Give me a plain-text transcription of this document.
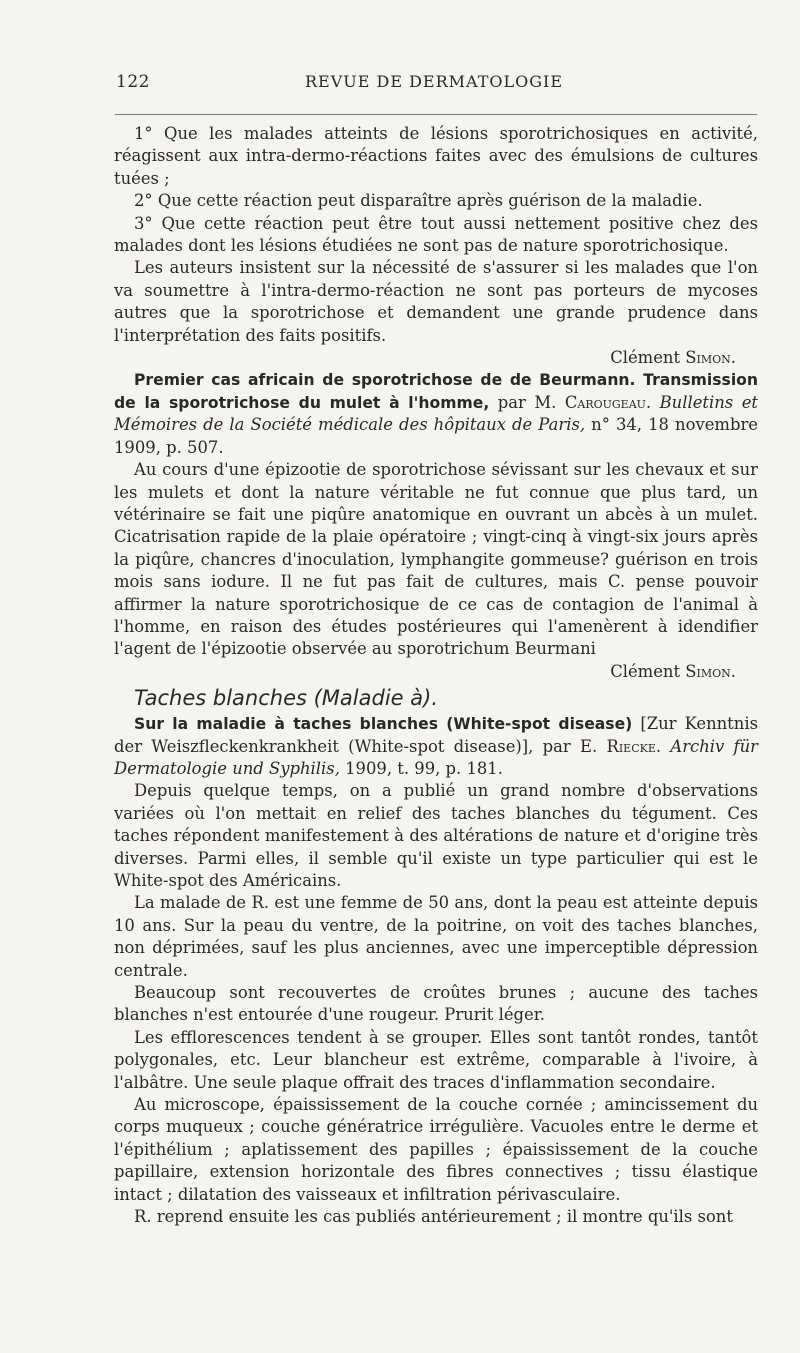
122	REVUE DE DERMATOLOGIE

1° Que les malades atteints de lésions sporotrichosiques en activité, réagissent aux intra-dermo-réactions faites avec des émulsions de cultures tuées ;

2° Que cette réaction peut disparaître après guérison de la maladie.

3° Que cette réaction peut être tout aussi nettement positive chez des malades dont les lésions étudiées ne sont pas de nature sporotrichosique.

Les auteurs insistent sur la nécessité de s'assurer si les malades que l'on va soumettre à l'intra-dermo-réaction ne sont pas porteurs de mycoses autres que la sporotrichose et demandent une grande prudence dans l'interprétation des faits positifs.

Clément Simon.

Premier cas africain de sporotrichose de de Beurmann. Transmission de la sporotrichose du mulet à l'homme, par M. Carougeau. Bulletins et Mémoires de la Société médicale des hôpitaux de Paris, n° 34, 18 novembre 1909, p. 507.

Au cours d'une épizootie de sporotrichose sévissant sur les chevaux et sur les mulets et dont la nature véritable ne fut connue que plus tard, un vétérinaire se fait une piqûre anatomique en ouvrant un abcès à un mulet. Cicatrisation rapide de la plaie opératoire ; vingt-cinq à vingt-six jours après la piqûre, chancres d'inoculation, lymphangite gommeuse? guérison en trois mois sans iodure. Il ne fut pas fait de cultures, mais C. pense pouvoir affirmer la nature sporotrichosique de ce cas de contagion de l'animal à l'homme, en raison des études postérieures qui l'amenèrent à idendifier l'agent de l'épizootie observée au sporotrichum Beurmani

Clément Simon.

Taches blanches (Maladie à).

Sur la maladie à taches blanches (White-spot disease) [Zur Kenntnis der Weiszfleckenkrankheit (White-spot disease)], par E. Riecke. Archiv für Dermatologie und Syphilis, 1909, t. 99, p. 181.

Depuis quelque temps, on a publié un grand nombre d'observations variées où l'on mettait en relief des taches blanches du tégument. Ces taches répondent manifestement à des altérations de nature et d'origine très diverses. Parmi elles, il semble qu'il existe un type particulier qui est le White-spot des Américains.

La malade de R. est une femme de 50 ans, dont la peau est atteinte depuis 10 ans. Sur la peau du ventre, de la poitrine, on voit des taches blanches, non déprimées, sauf les plus anciennes, avec une imperceptible dépression centrale.

Beaucoup sont recouvertes de croûtes brunes ; aucune des taches blanches n'est entourée d'une rougeur. Prurit léger.

Les efflorescences tendent à se grouper. Elles sont tantôt rondes, tantôt polygonales, etc. Leur blancheur est extrême, comparable à l'ivoire, à l'albâtre. Une seule plaque offrait des traces d'inflammation secondaire.

Au microscope, épaississement de la couche cornée ; amincissement du corps muqueux ; couche génératrice irrégulière. Vacuoles entre le derme et l'épithélium ; aplatissement des papilles ; épaississement de la couche papillaire, extension horizontale des fibres connectives ; tissu élastique intact ; dilatation des vaisseaux et infiltration périvasculaire.

R. reprend ensuite les cas publiés antérieurement ; il montre qu'ils sont
